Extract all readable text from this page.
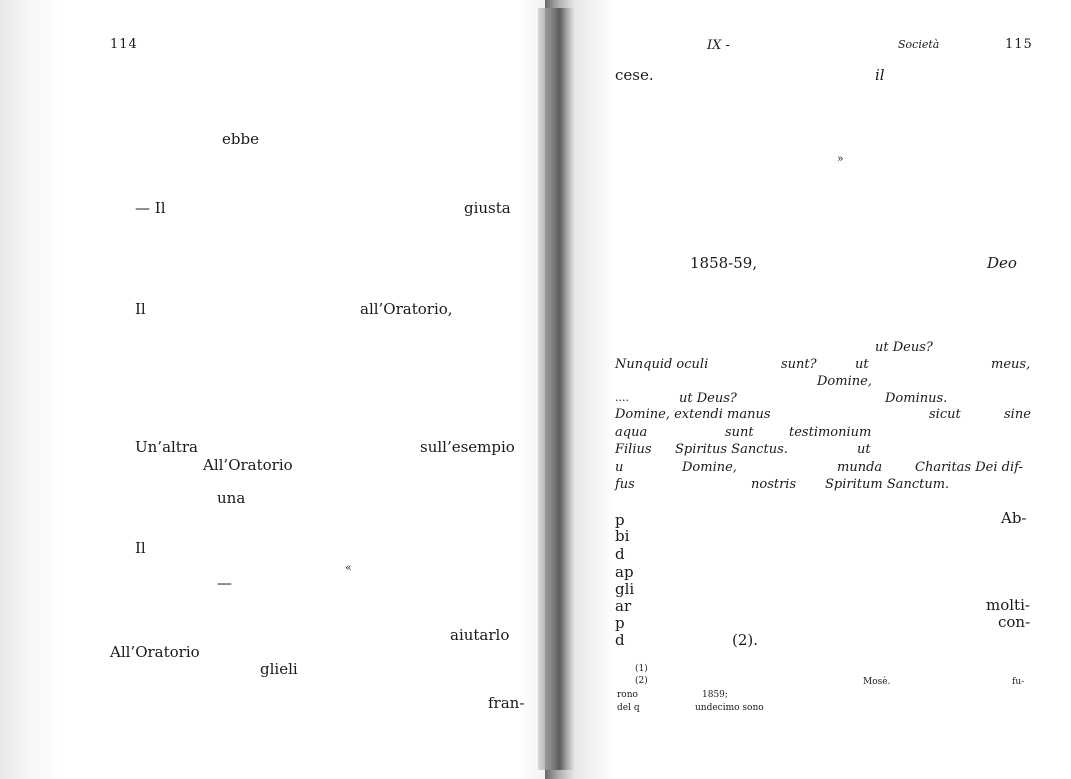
114
ebbe
— Il	giusta
Il	all’Oratorio,
Un’altra	sull’esempio
All’Oratorio
una
Il
«
—
aiutarlo
All’Oratorio
glieli
fran-
IX -	Società	115
cese.	il
»
1858-59,	Deo
ut Deus?
Nunquid oculi	sunt?	ut	meus,
Domine,
....	ut Deus?	Dominus.
Domine, extendi manus	sicut	sine
aqua	sunt	testimonium
Filius Spiritus Sanctus.	ut
u	Domine,	munda	Charitas Dei dif-
fus	nostris Spiritum Sanctum.
p	Ab-
bi
d
ap
gli
ar	molti-
p	con-
d	(2).
(1)
(2)	Mosè.	fu-
rono	1859;
del q	undecimo sono
